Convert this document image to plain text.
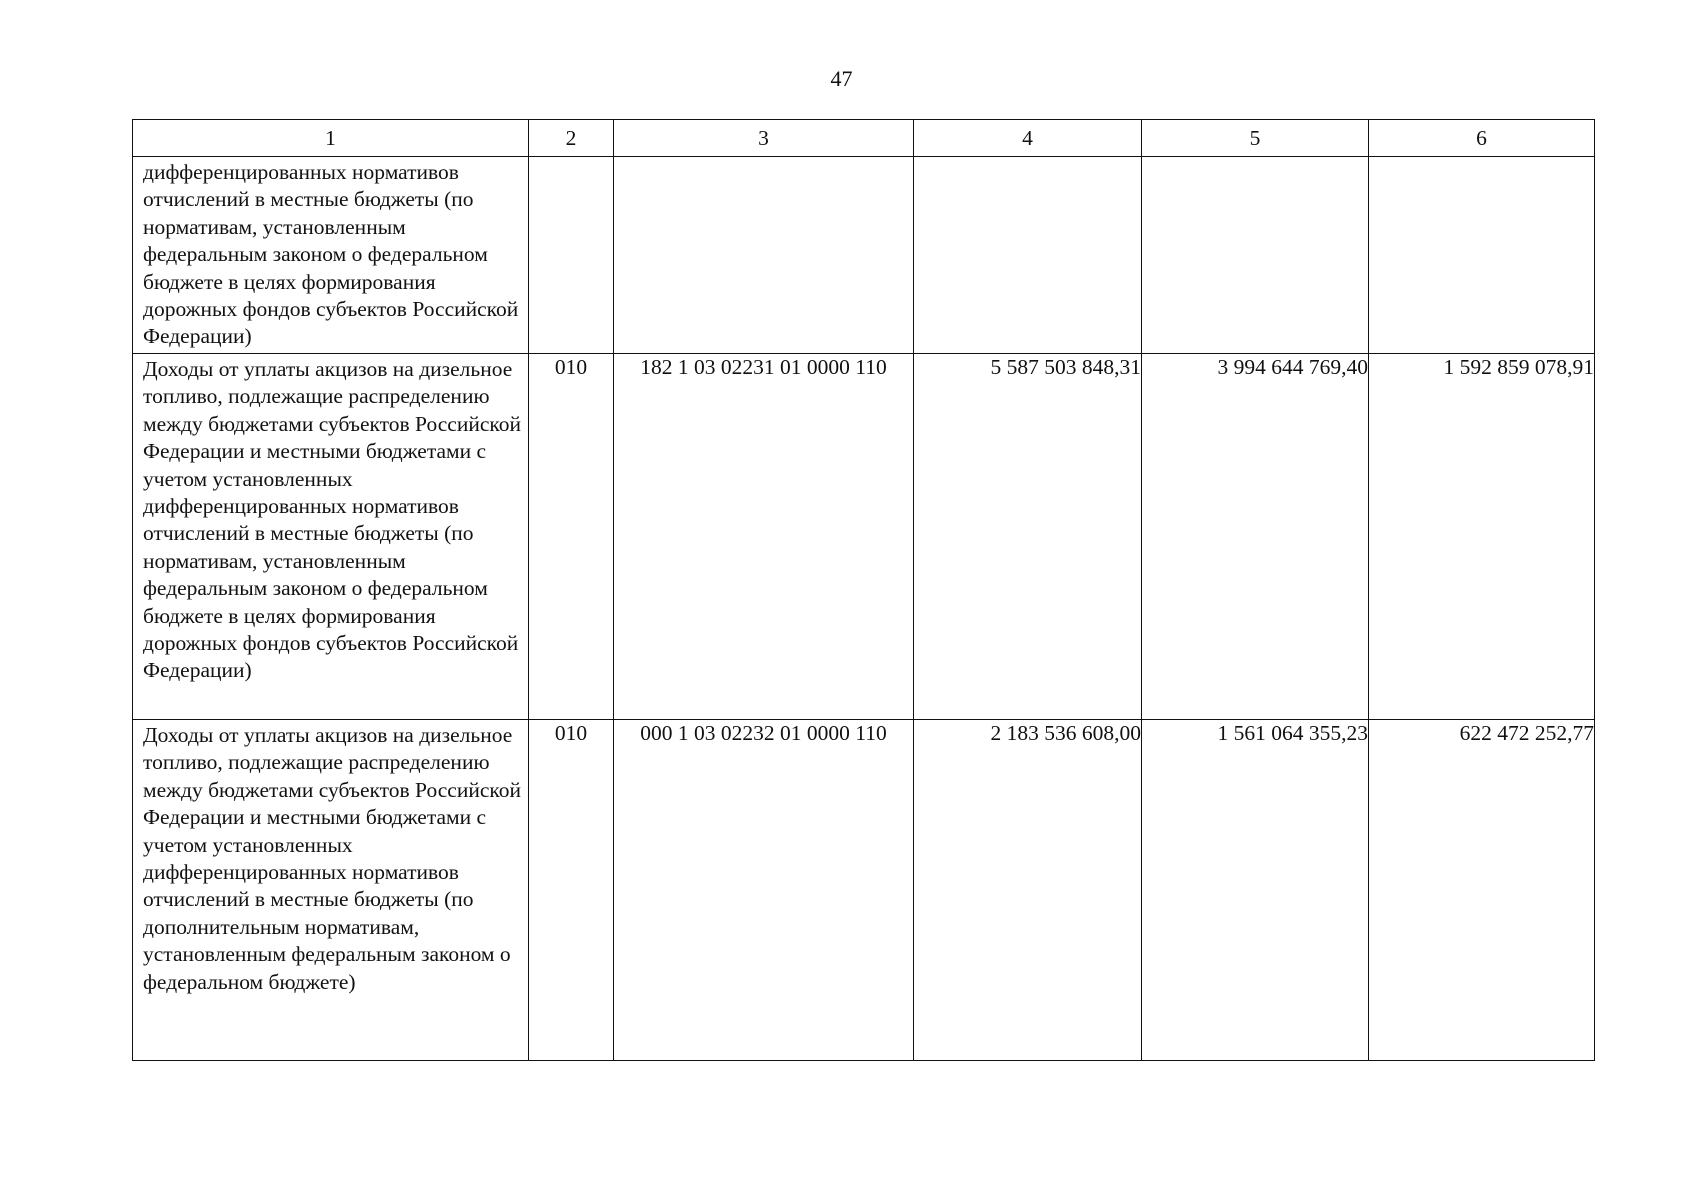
47
1	2	3	4	5	6

дифференцированных нормативов отчислений в местные бюджеты (по нормативам, установленным федеральным законом о федеральном бюджете в целях формирования дорожных фондов субъектов Российской Федерации)					

Доходы от уплаты акцизов на дизельное топливо, подлежащие распределению между бюджетами субъектов Российской Федерации и местными бюджетами с учетом установленных дифференцированных нормативов отчислений в местные бюджеты (по нормативам, установленным федеральным законом о федеральном бюджете в целях формирования дорожных фондов субъектов Российской Федерации)	010	182 1 03 02231 01 0000 110	5 587 503 848,31	3 994 644 769,40	1 592 859 078,91

Доходы от уплаты акцизов на дизельное топливо, подлежащие распределению между бюджетами субъектов Российской Федерации и местными бюджетами с учетом установленных дифференцированных нормативов отчислений в местные бюджеты (по дополнительным нормативам, установленным федеральным законом о федеральном бюджете)	010	000 1 03 02232 01 0000 110	2 183 536 608,00	1 561 064 355,23	622 472 252,77
